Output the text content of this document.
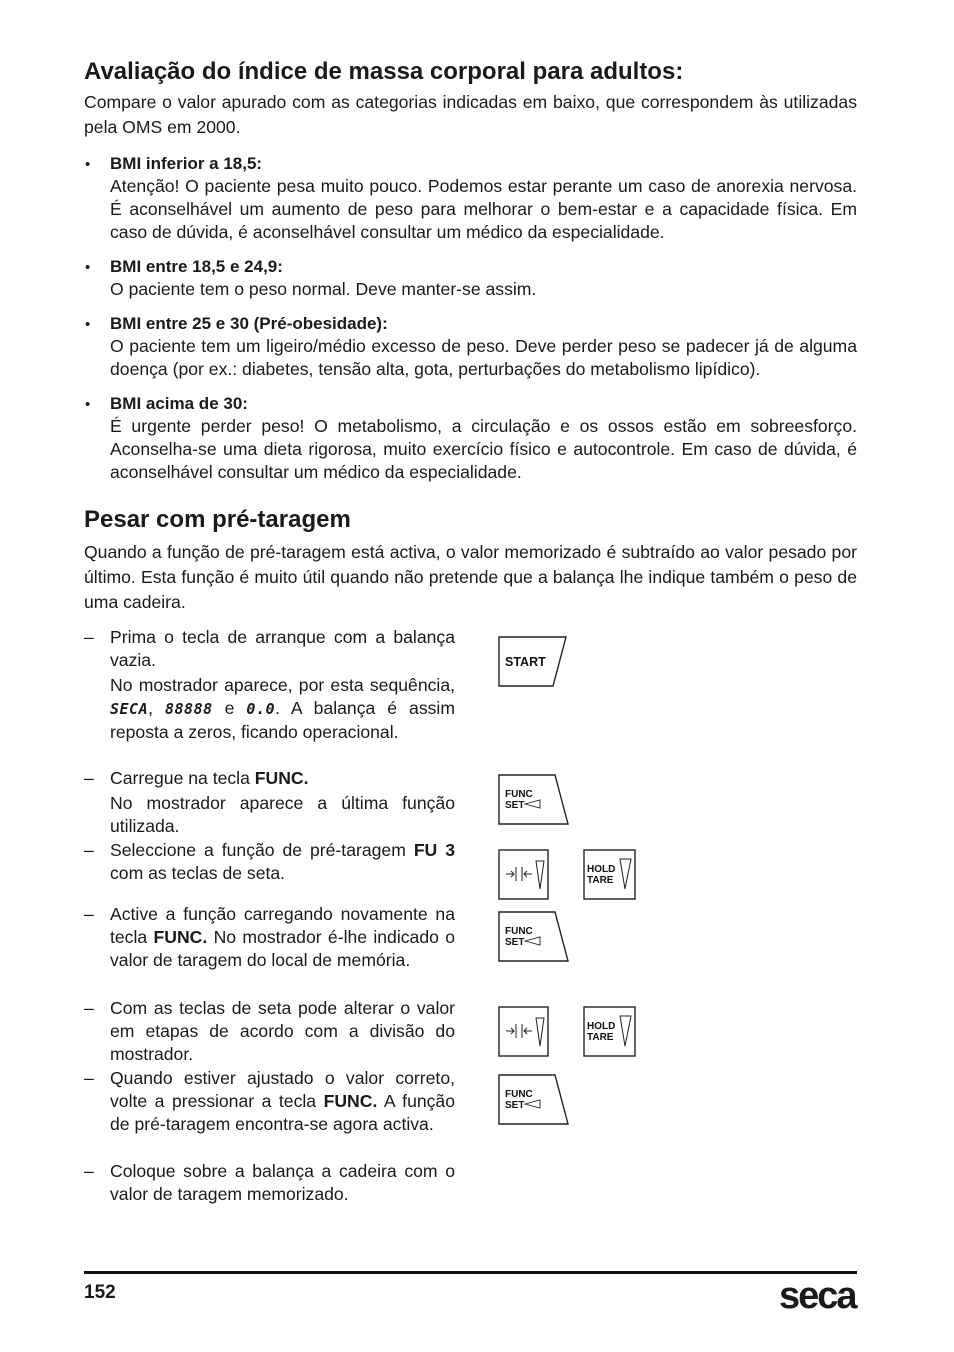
Avaliação do índice de massa corporal para adultos:

Compare o valor apurado com as categorias indicadas em baixo, que correspondem às utilizadas pela OMS em 2000.

• BMI inferior a 18,5:
Atenção! O paciente pesa muito pouco. Podemos estar perante um caso de anorexia nervosa. É aconselhável um aumento de peso para melhorar o bem-estar e a capacidade física. Em caso de dúvida, é aconselhável consultar um médico da especialidade.
• BMI entre 18,5 e 24,9:
O paciente tem o peso normal. Deve manter-se assim.
• BMI entre 25 e 30 (Pré-obesidade):
O paciente tem um ligeiro/médio excesso de peso. Deve perder peso se padecer já de alguma doença (por ex.: diabetes, tensão alta, gota, perturbações do metabolismo lipídico).
• BMI acima de 30:
É urgente perder peso! O metabolismo, a circulação e os ossos estão em sobreesforço. Aconselha-se uma dieta rigorosa, muito exercício físico e autocontrole. Em caso de dúvida, é aconselhável consultar um médico da especialidade.
Pesar com pré-taragem

Quando a função de pré-taragem está activa, o valor memorizado é subtraído ao valor pesado por último. Esta função é muito útil quando não pretende que a balança lhe indique também o peso de uma cadeira.

– Prima o tecla de arranque com a balança vazia.
No mostrador aparece, por esta sequência, SECA, 88888 e 0.0. A balança é assim reposta a zeros, ficando operacional.
– Carregue na tecla FUNC.
No mostrador aparece a última função utilizada.
– Seleccione a função de pré-taragem FU 3 com as teclas de seta.
– Active a função carregando novamente na tecla FUNC. No mostrador é-lhe indicado o valor de taragem do local de memória.
– Com as teclas de seta pode alterar o valor em etapas de acordo com a divisão do mostrador.
– Quando estiver ajustado o valor correto, volte a pressionar a tecla FUNC. A função de pré-taragem encontra-se agora activa.
– Coloque sobre a balança a cadeira com o valor de taragem memorizado.
START
FUNC
SET
HOLD
TARE
FUNC
SET
HOLD
TARE
FUNC
SET
152	seca
